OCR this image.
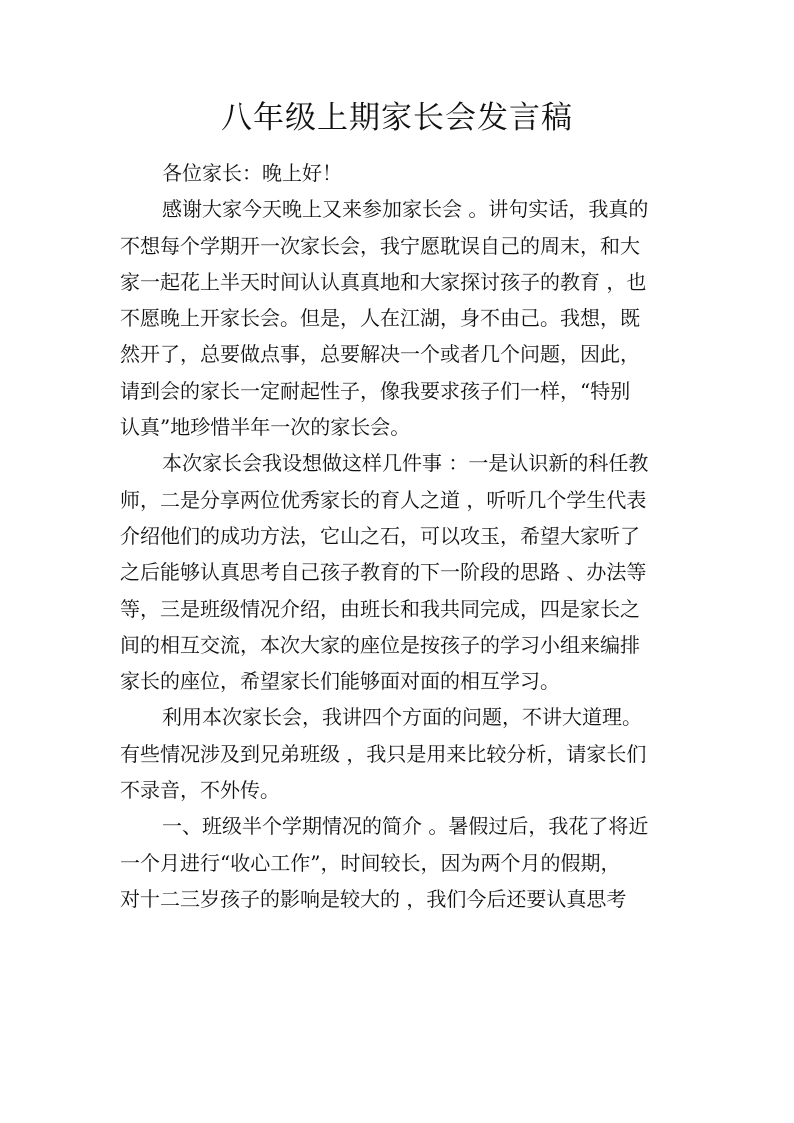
八年级上期家长会发言稿
各位家长：晚上好！
感谢大家今天晚上又来参加家长会 。讲句实话，我真的
不想每个学期开一次家长会，我宁愿耽误自己的周末，和大
家一起花上半天时间认认真真地和大家探讨孩子的教育 ，也
不愿晚上开家长会。但是，人在江湖，身不由己。我想，既
然开了，总要做点事，总要解决一个或者几个问题，因此，
请到会的家长一定耐起性子，像我要求孩子们一样，“特别
认真”地珍惜半年一次的家长会。
本次家长会我设想做这样几件事 ：一是认识新的科任教
师，二是分享两位优秀家长的育人之道 ，听听几个学生代表
介绍他们的成功方法，它山之石，可以攻玉，希望大家听了
之后能够认真思考自己孩子教育的下一阶段的思路 、办法等
等，三是班级情况介绍，由班长和我共同完成，四是家长之
间的相互交流，本次大家的座位是按孩子的学习小组来编排
家长的座位，希望家长们能够面对面的相互学习。
利用本次家长会，我讲四个方面的问题，不讲大道理。
有些情况涉及到兄弟班级 ，我只是用来比较分析，请家长们
不录音，不外传。
一、班级半个学期情况的简介 。暑假过后，我花了将近
一个月进行“收心工作”，时间较长，因为两个月的假期，
对十二三岁孩子的影响是较大的 ，我们今后还要认真思考
